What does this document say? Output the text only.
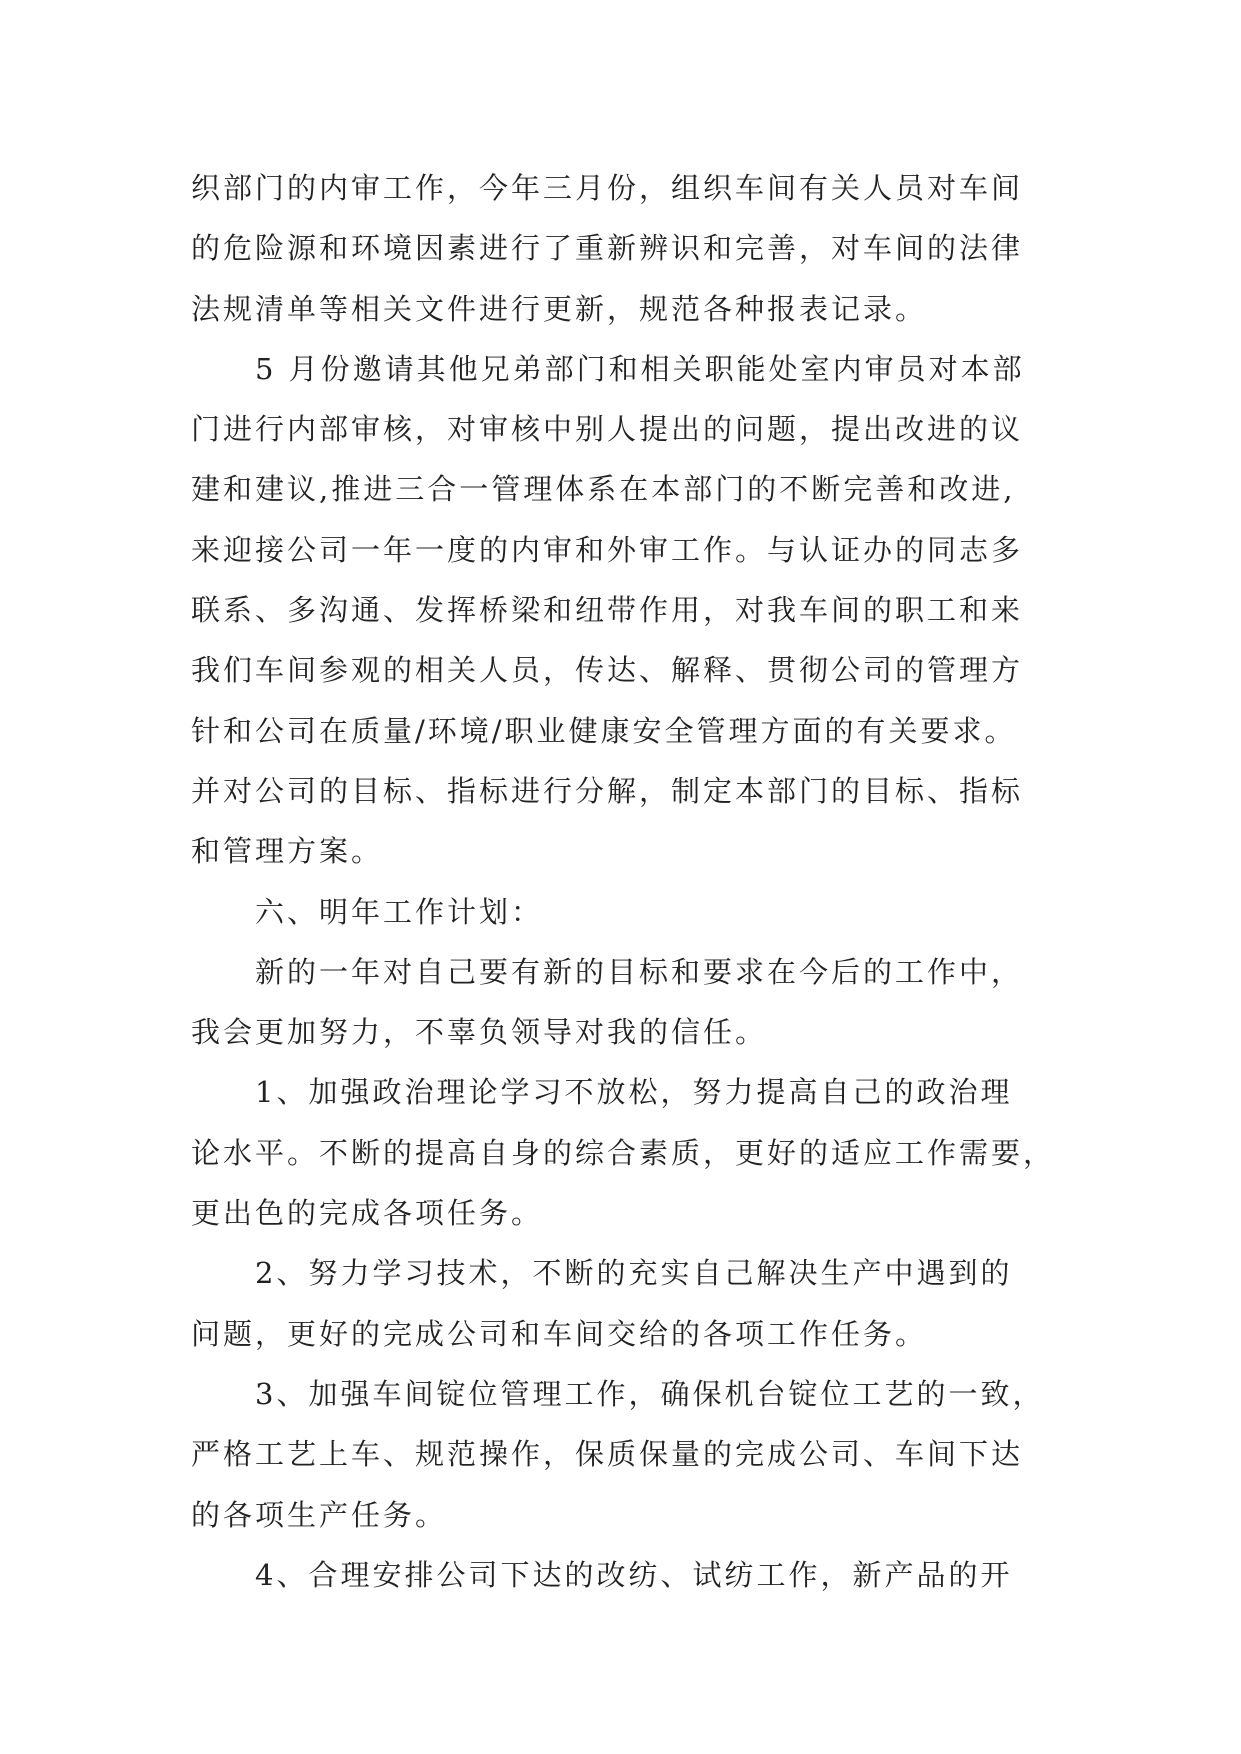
织部门的内审工作，今年三月份，组织车间有关人员对车间
的危险源和环境因素进行了重新辨识和完善，对车间的法律
法规清单等相关文件进行更新，规范各种报表记录。
5 月份邀请其他兄弟部门和相关职能处室内审员对本部
门进行内部审核，对审核中别人提出的问题，提出改进的议
建和建议,推进三合一管理体系在本部门的不断完善和改进,
来迎接公司一年一度的内审和外审工作。与认证办的同志多
联系、多沟通、发挥桥梁和纽带作用，对我车间的职工和来
我们车间参观的相关人员，传达、解释、贯彻公司的管理方
针和公司在质量/环境/职业健康安全管理方面的有关要求。
并对公司的目标、指标进行分解，制定本部门的目标、指标
和管理方案。
六、明年工作计划：
新的一年对自己要有新的目标和要求在今后的工作中，
我会更加努力，不辜负领导对我的信任。
1、加强政治理论学习不放松，努力提高自己的政治理
论水平。不断的提高自身的综合素质，更好的适应工作需要，
更出色的完成各项任务。
2、努力学习技术，不断的充实自己解决生产中遇到的
问题，更好的完成公司和车间交给的各项工作任务。
3、加强车间锭位管理工作，确保机台锭位工艺的一致，
严格工艺上车、规范操作，保质保量的完成公司、车间下达
的各项生产任务。
4、合理安排公司下达的改纺、试纺工作，新产品的开
